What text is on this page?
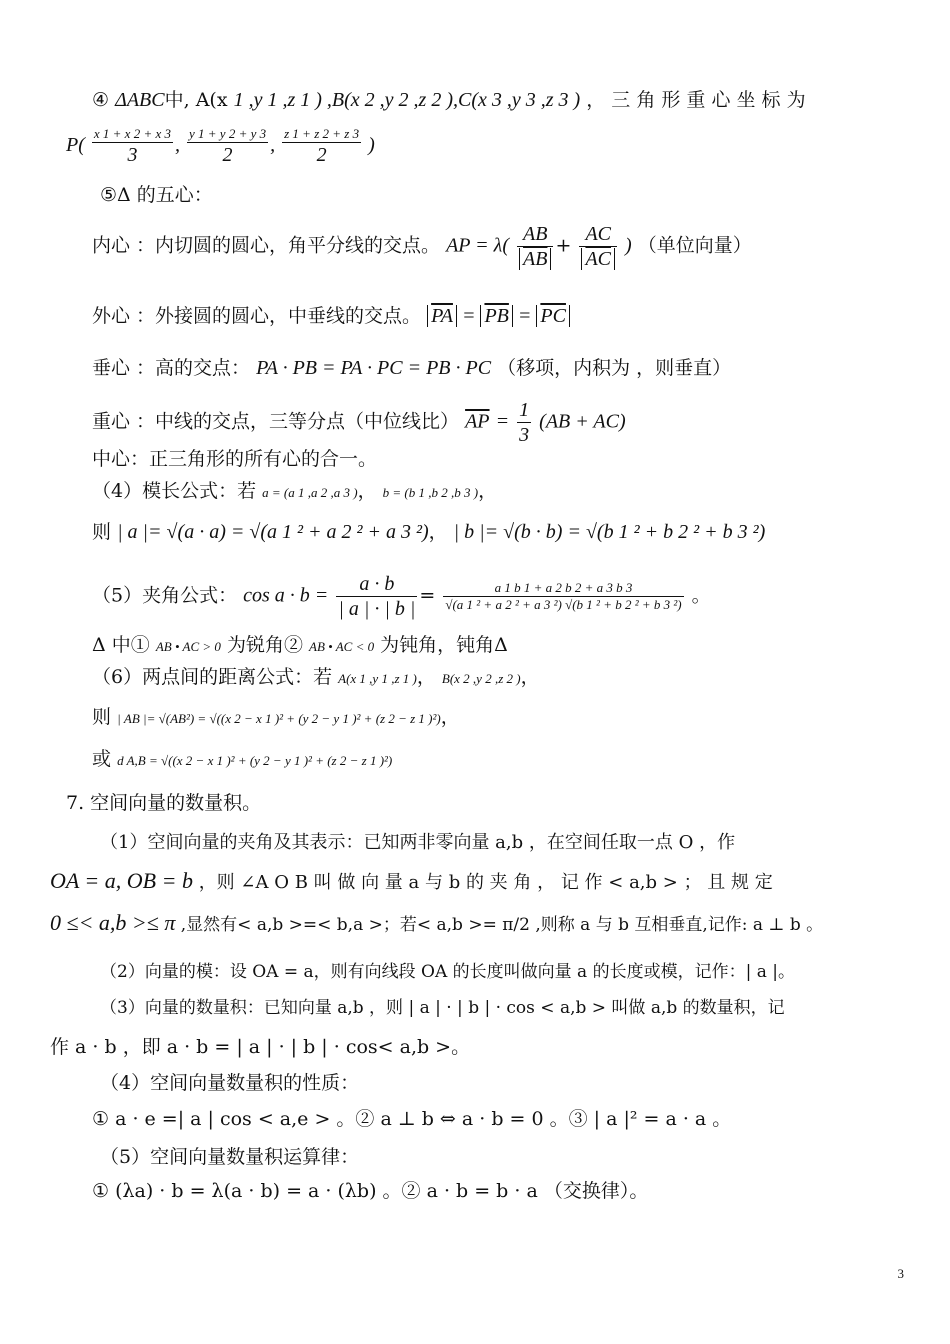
④ ΔABC中, A(x 1 ,y 1 ,z 1 ) ,B(x 2 ,y 2 ,z 2 ),C(x 3 ,y 3 ,z 3 ) ， 三 角 形 重 心 坐 标 为
$P( \frac{x 1 + x 2 + x 3}{3}$ , $\frac{y 1 + y 2 + y 3}{2}$ , $\frac{z 1 + z 2 + z 3}{2}$ )
⑤Δ 的五心：
内心 ：内切圆的圆心，角平分线的交点。 AP = $\lambda( \frac{AB}{AB} + \frac{AC}{AC}$ ) （单位向量）
外心 ：外接圆的圆心，中垂线的交点。 $\overline{PA} = \overline{PB} = \overline{PC}$
垂心 ：高的交点： PA · PB = PA · PC = PB · PC （移项，内积为 ，则垂直）
重心 ：中线的交点，三等分点（中位线比） $\overline{AP} = \frac{1}{3} (AB + AC)$
中心：正三角形的所有心的合一。
（4）模长公式：若 a = (a 1 ,a 2 ,a 3 )， b = (b 1 ,b 2 ,b 3 )，
则 | a |= √(a · a) = √(a 1 ² + a 2 ² + a 3 ²)， | b |= √(b · b) = √(b 1 ² + b 2 ² + b 3 ²)
（5）夹角公式： $\cos a \cdot b = \frac{a \cdot b}{| a | \cdot | b |} = \frac{a 1 b 1 + a 2 b 2 + a 3 b 3}{\text{√(a 1 ² + a 2 ² + a 3 ²) √(b 1 ² + b 2 ² + b 3 ²)}}$ 。
Δ 中① AB • AC > 0 为锐角② AB • AC < 0 为钝角，钝角Δ
（6）两点间的距离公式：若 A(x 1 ,y 1 ,z 1 )， B(x 2 ,y 2 ,z 2 )，
则 | AB |= √(AB²) = √((x 2 − x 1 )² + (y 2 − y 1 )² + (z 2 − z 1 )²)，
或 d A,B = √((x 2 − x 1 )² + (y 2 − y 1 )² + (z 2 − z 1 )²)
7. 空间向量的数量积。
（1）空间向量的夹角及其表示：已知两非零向量 a,b ，在空间任取一点 O ，作
OA = a, OB = b ，则 ∠A O B 叫 做 向 量 a 与 b 的 夹 角 ， 记 作 < a,b > ； 且 规 定
0 ≤< a,b >≤ π ,显然有< a,b >=< b,a >；若< a,b >= π/2 ,则称 a 与 b 互相垂直,记作: a ⊥ b 。
（2）向量的模：设 OA = a，则有向线段 OA 的长度叫做向量 a 的长度或模，记作：| a |。
（3）向量的数量积：已知向量 a,b ，则 | a | · | b | · cos < a,b > 叫做 a,b 的数量积，记
作 a · b ，即 a · b = | a | · | b | · cos< a,b >。
（4）空间向量数量积的性质：
① a · e =| a | cos < a,e > 。② a ⊥ b ⇔ a · b = 0 。③ | a |² = a · a 。
（5）空间向量数量积运算律：
① (λa) · b = λ(a · b) = a · (λb) 。② a · b = b · a （交换律）。
3
